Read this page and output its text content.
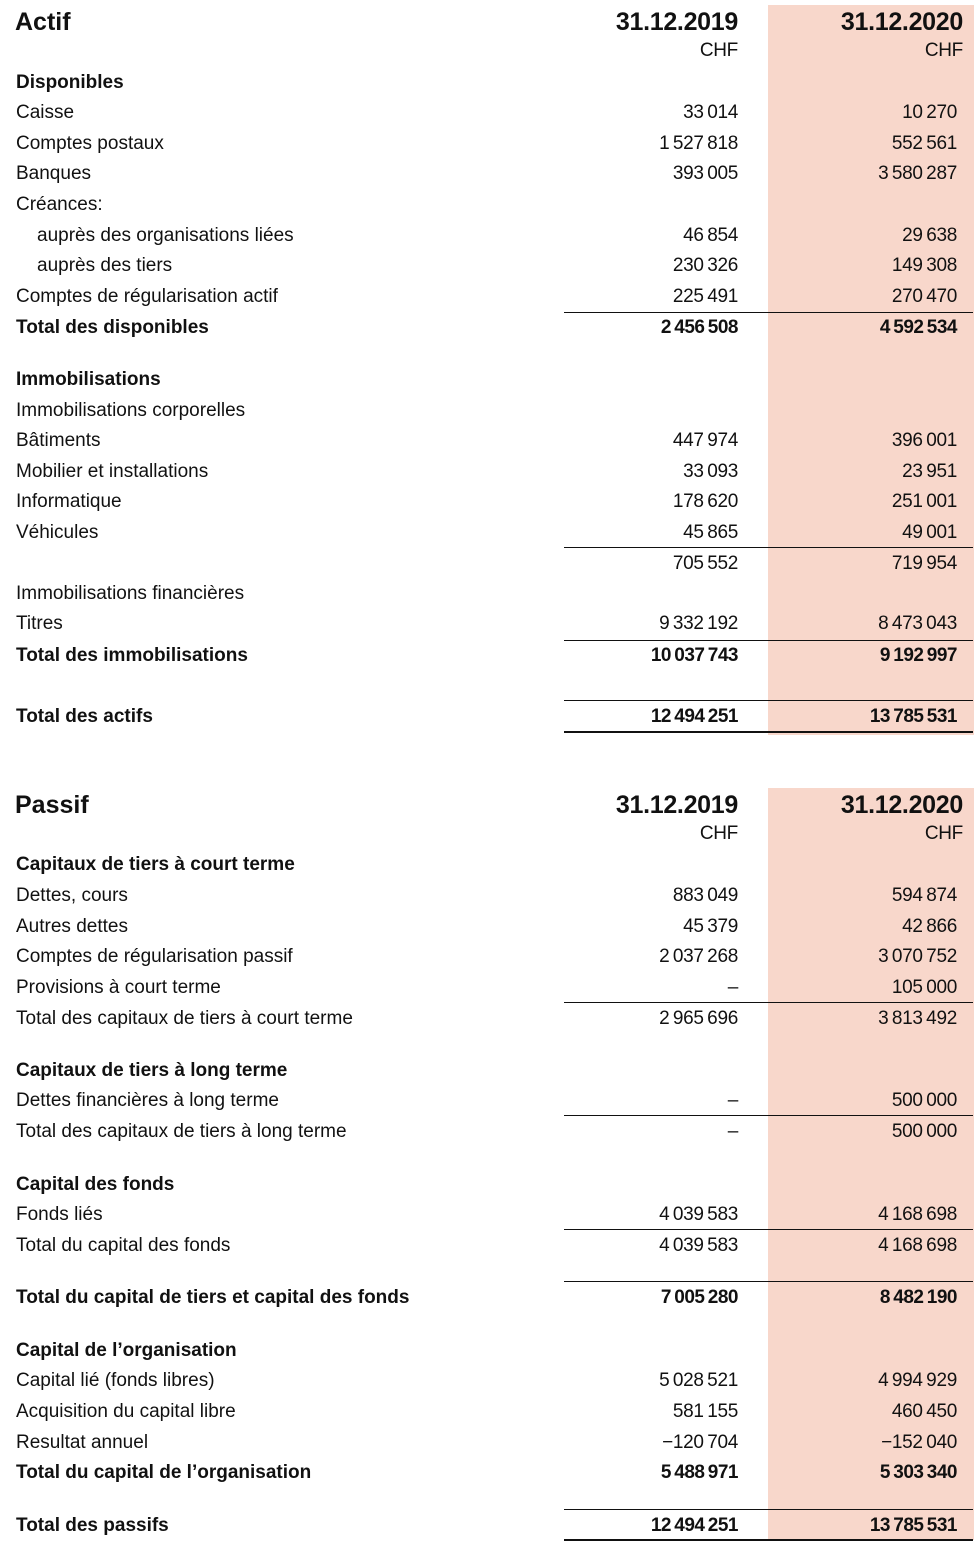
Actif	31.12.2019	31.12.2020
CHF	CHF
Disponibles
Caisse	33 014	10 270
Comptes postaux	1 527 818	552 561
Banques	393 005	3 580 287
Créances:
auprès des organisations liées	46 854	29 638
auprès des tiers	230 326	149 308
Comptes de régularisation actif	225 491	270 470
Total des disponibles	2 456 508	4 592 534
Immobilisations
Immobilisations corporelles
Bâtiments	447 974	396 001
Mobilier et installations	33 093	23 951
Informatique	178 620	251 001
Véhicules	45 865	49 001
705 552	719 954
Immobilisations financières
Titres	9 332 192	8 473 043
Total des immobilisations	10 037 743	9 192 997
Total des actifs	12 494 251	13 785 531
Passif	31.12.2019	31.12.2020
CHF	CHF
Capitaux de tiers à court terme
Dettes, cours	883 049	594 874
Autres dettes	45 379	42 866
Comptes de régularisation passif	2 037 268	3 070 752
Provisions à court terme	–	105 000
Total des capitaux de tiers à court terme	2 965 696	3 813 492
Capitaux de tiers à long terme
Dettes financières à long terme	–	500 000
Total des capitaux de tiers à long terme	–	500 000
Capital des fonds
Fonds liés	4 039 583	4 168 698
Total du capital des fonds	4 039 583	4 168 698
Total du capital de tiers et capital des fonds	7 005 280	8 482 190
Capital de l’organisation
Capital lié (fonds libres)	5 028 521	4 994 929
Acquisition du capital libre	581 155	460 450
Resultat annuel	−120 704	−152 040
Total du capital de l’organisation	5 488 971	5 303 340
Total des passifs	12 494 251	13 785 531
